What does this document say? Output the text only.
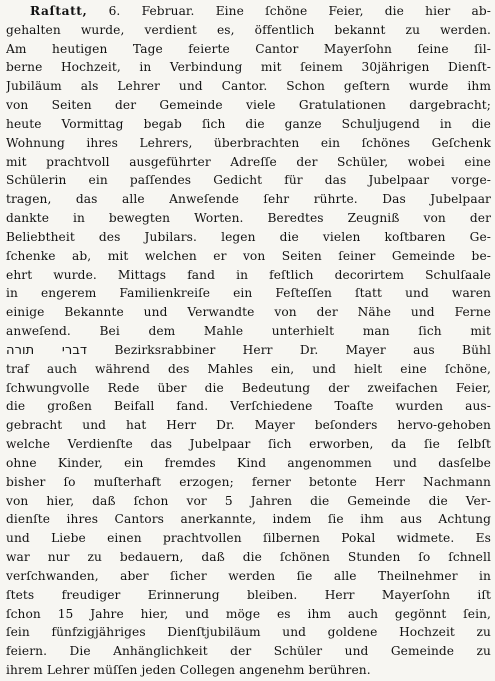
Raſtatt, 6. Februar. Eine ſchöne Feier, die hier ab-
gehalten wurde, verdient es, öffentlich bekannt zu werden.
Am heutigen Tage feierte Cantor Mayerſohn ſeine ſil-
berne Hochzeit, in Verbindung mit ſeinem 30jährigen Dienſt-
Jubiläum als Lehrer und Cantor. Schon geſtern wurde ihm
von Seiten der Gemeinde viele Gratulationen dargebracht;
heute Vormittag begab ſich die ganze Schuljugend in die
Wohnung ihres Lehrers, überbrachten ein ſchönes Geſchenk
mit prachtvoll ausgeführter Adreſſe der Schüler, wobei eine
Schülerin ein paſſendes Gedicht für das Jubelpaar vorge-
tragen, das alle Anweſende ſehr rührte. Das Jubelpaar
dankte in bewegten Worten. Beredtes Zeugniß von der
Beliebtheit des Jubilars. legen die vielen koſtbaren Ge-
ſchenke ab, mit welchen er von Seiten ſeiner Gemeinde be-
ehrt wurde. Mittags fand in feſtlich decorirtem Schulſaale
in engerem Familienkreiſe ein Feſteſſen ſtatt und waren
einige Bekannte und Verwandte von der Nähe und Ferne
anweſend. Bei dem Mahle unterhielt man ſich mit
דברי תורה Bezirksrabbiner Herr Dr. Mayer aus Bühl
traf auch während des Mahles ein, und hielt eine ſchöne,
ſchwungvolle Rede über die Bedeutung der zweifachen Feier,
die großen Beifall fand. Verſchiedene Toaſte wurden aus-
gebracht und hat Herr Dr. Mayer beſonders hervo-gehoben
welche Verdienſte das Jubelpaar ſich erworben, da ſie ſelbſt
ohne Kinder, ein fremdes Kind angenommen und dasſelbe
bisher ſo muſterhaft erzogen; ferner betonte Herr Nachmann
von hier, daß ſchon vor 5 Jahren die Gemeinde die Ver-
dienſte ihres Cantors anerkannte, indem ſie ihm aus Achtung
und Liebe einen prachtvollen ſilbernen Pokal widmete. Es
war nur zu bedauern, daß die ſchönen Stunden ſo ſchnell
verſchwanden, aber ſicher werden ſie alle Theilnehmer in
ſtets freudiger Erinnerung bleiben. Herr Mayerſohn iſt
ſchon 15 Jahre hier, und möge es ihm auch gegönnt ſein,
ſein fünfzigjähriges Dienſtjubiläum und goldene Hochzeit zu
feiern. Die Anhänglichkeit der Schüler und Gemeinde zu
ihrem Lehrer müſſen jeden Collegen angenehm berühren.
